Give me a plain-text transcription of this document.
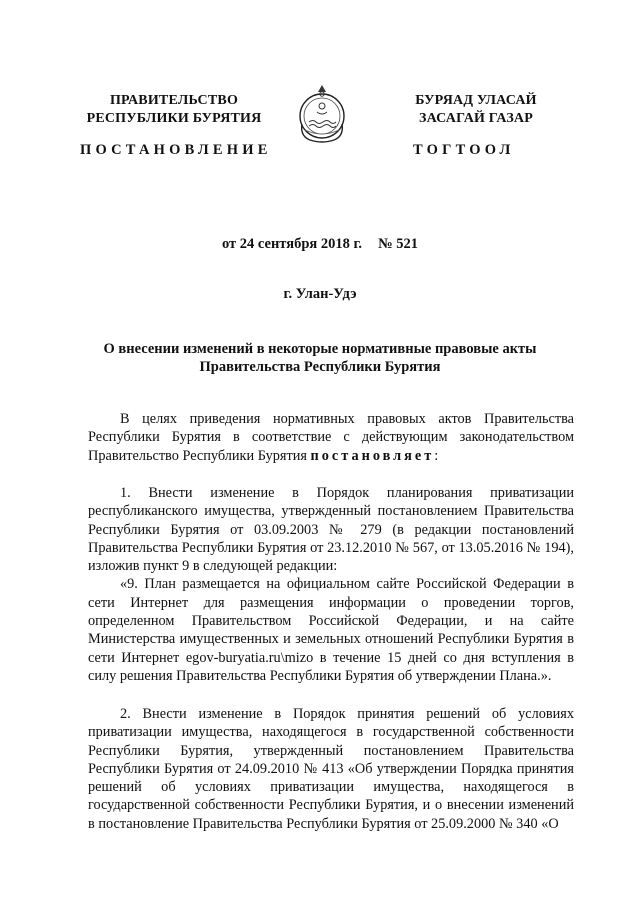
ПРАВИТЕЛЬСТВО
РЕСПУБЛИКИ БУРЯТИЯ
БУРЯАД УЛАСАЙ
ЗАСАГАЙ ГАЗАР
ПОСТАНОВЛЕНИЕ	ТОГТООЛ
от 24 сентября 2018 г. № 521
г. Улан-Удэ
О внесении изменений в некоторые нормативные правовые акты
Правительства Республики Бурятия

В целях приведения нормативных правовых актов Правительства Республики Бурятия в соответствие с действующим законодательством Правительство Республики Бурятия постановляет:

1. Внести изменение в Порядок планирования приватизации республиканского имущества, утвержденный постановлением Правительства Республики Бурятия от 03.09.2003 № 279 (в редакции постановлений Правительства Республики Бурятия от 23.12.2010 № 567, от 13.05.2016 № 194), изложив пункт 9 в следующей редакции:

«9. План размещается на официальном сайте Российской Федерации в сети Интернет для размещения информации о проведении торгов, определенном Правительством Российской Федерации, и на сайте Министерства имущественных и земельных отношений Республики Бурятия в сети Интернет egov-buryatia.ru\mizo в течение 15 дней со дня вступления в силу решения Правительства Республики Бурятия об утверждении Плана.».

2. Внести изменение в Порядок принятия решений об условиях приватизации имущества, находящегося в государственной собственности Республики Бурятия, утвержденный постановлением Правительства Республики Бурятия от 24.09.2010 № 413 «Об утверждении Порядка принятия решений об условиях приватизации имущества, находящегося в государственной собственности Республики Бурятия, и о внесении изменений в постановление Правительства Республики Бурятия от 25.09.2000 № 340 «О
